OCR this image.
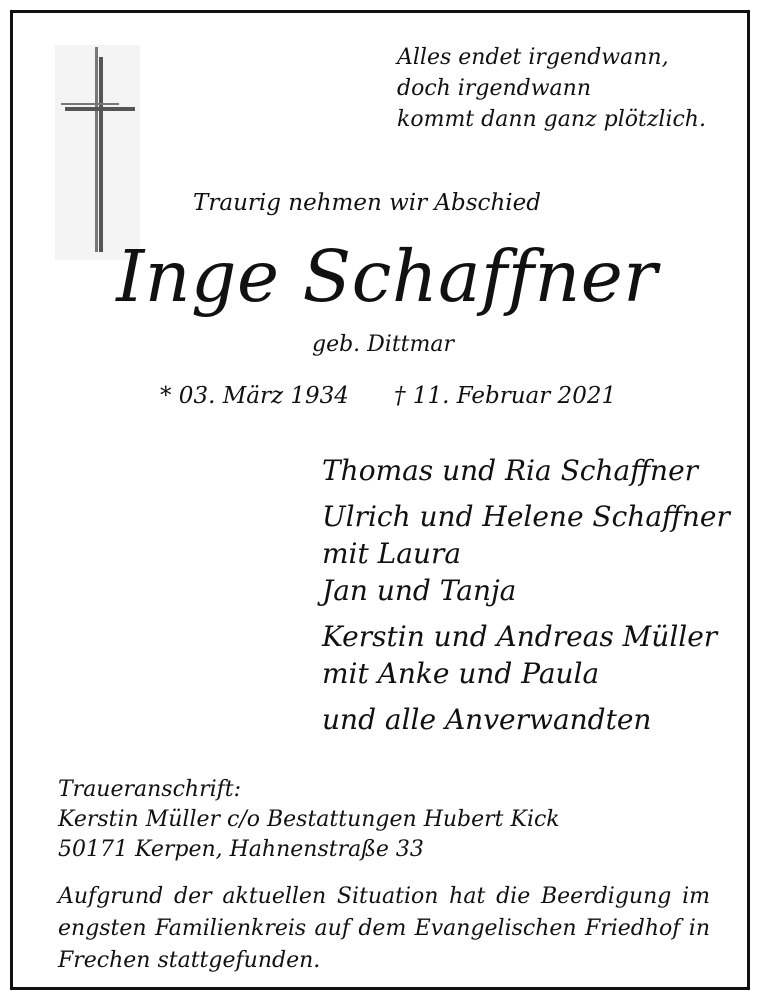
Alles endet irgendwann,
doch irgendwann
kommt dann ganz plötzlich.
Traurig nehmen wir Abschied
Inge Schaffner
geb. Dittmar
* 03. März 1934 † 11. Februar 2021
Thomas und Ria Schaffner
Ulrich und Helene Schaffner
mit Laura
Jan und Tanja
Kerstin und Andreas Müller
mit Anke und Paula
und alle Anverwandten
Traueranschrift:
Kerstin Müller c/o Bestattungen Hubert Kick
50171 Kerpen, Hahnenstraße 33
Aufgrund der aktuellen Situation hat die Beerdigung im engsten Familienkreis auf dem Evangelischen Friedhof in Frechen stattgefunden.
